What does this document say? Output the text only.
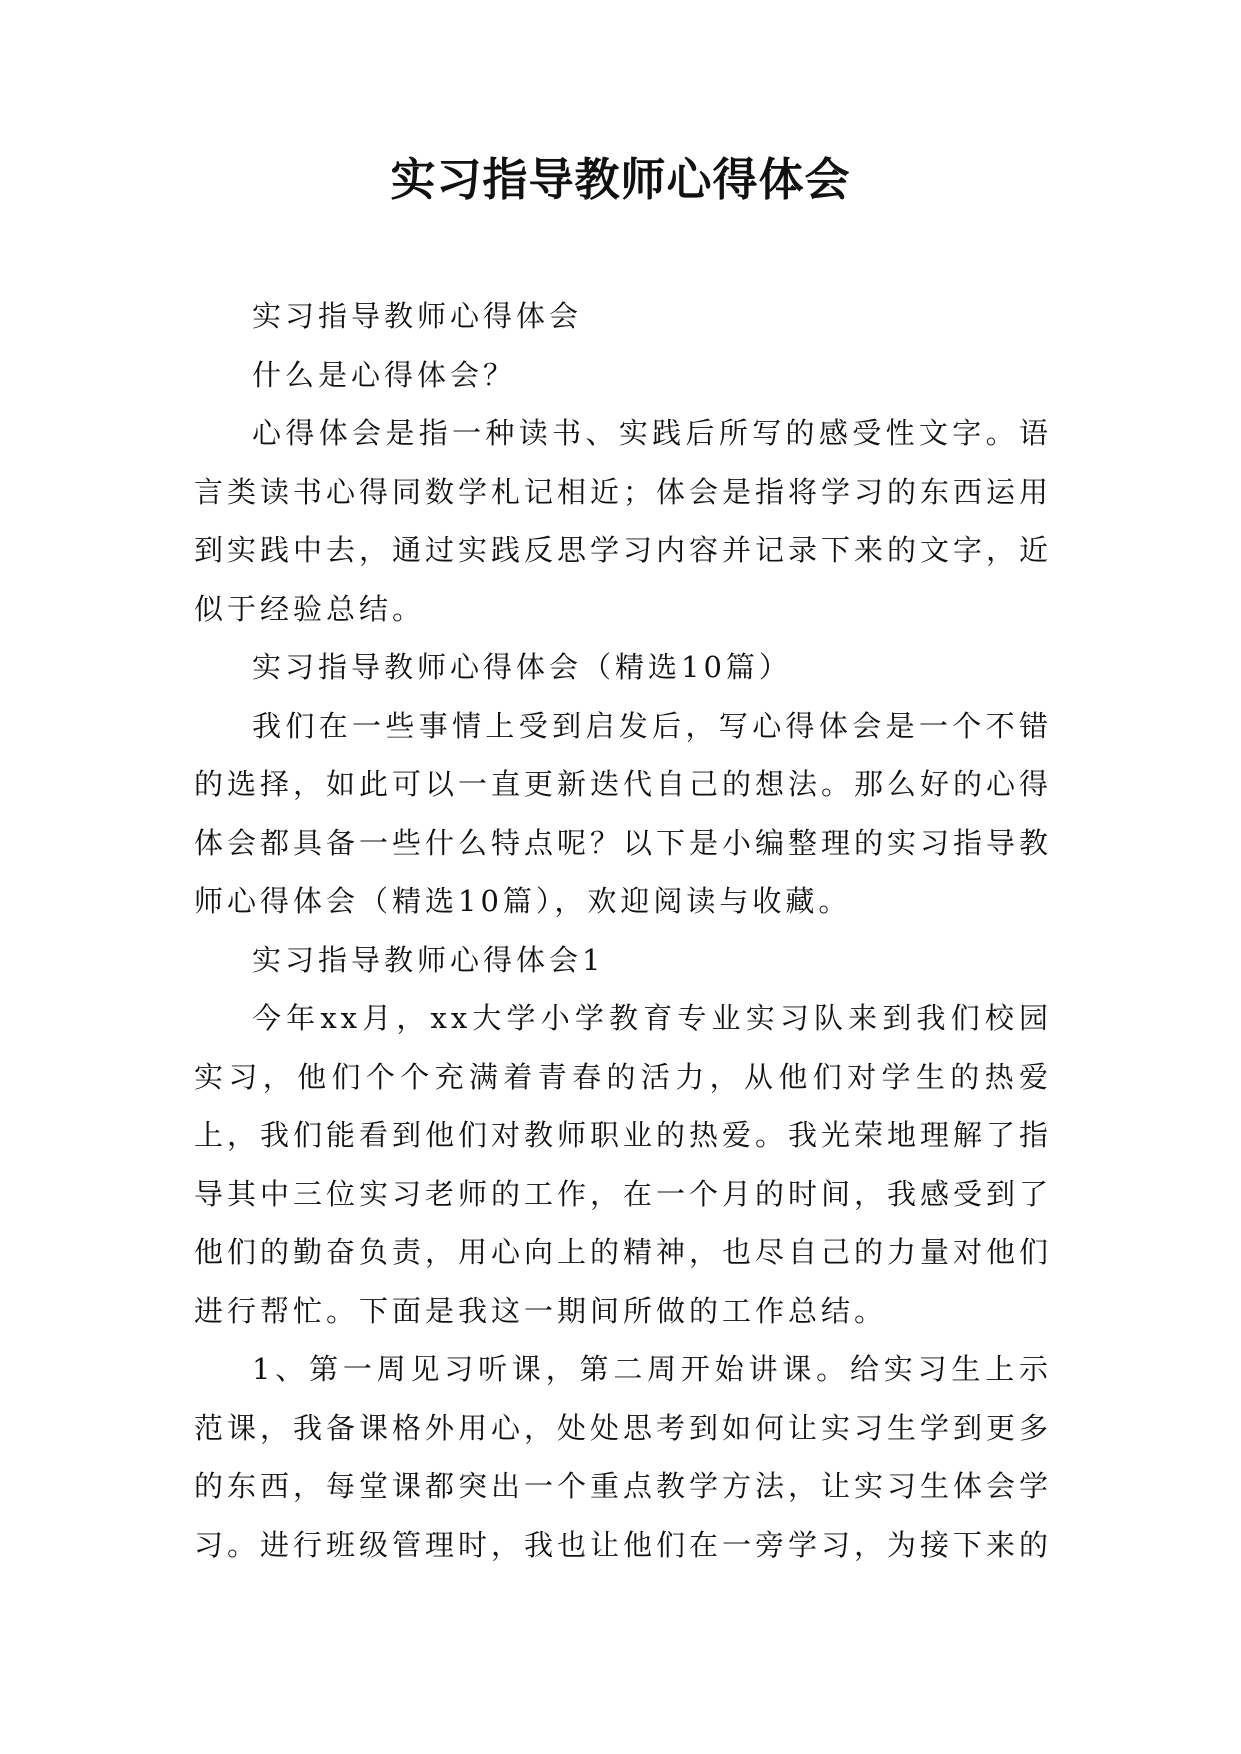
实习指导教师心得体会

实习指导教师心得体会

什么是心得体会？

心得体会是指一种读书、实践后所写的感受性文字。语言类读书心得同数学札记相近；体会是指将学习的东西运用到实践中去，通过实践反思学习内容并记录下来的文字，近似于经验总结。

实习指导教师心得体会（精选10篇）

我们在一些事情上受到启发后，写心得体会是一个不错的选择，如此可以一直更新迭代自己的想法。那么好的心得体会都具备一些什么特点呢？以下是小编整理的实习指导教师心得体会（精选10篇），欢迎阅读与收藏。

实习指导教师心得体会1

今年xx月，xx大学小学教育专业实习队来到我们校园实习，他们个个充满着青春的活力，从他们对学生的热爱上，我们能看到他们对教师职业的热爱。我光荣地理解了指导其中三位实习老师的工作，在一个月的时间，我感受到了他们的勤奋负责，用心向上的精神，也尽自己的力量对他们进行帮忙。下面是我这一期间所做的工作总结。

1、第一周见习听课，第二周开始讲课。给实习生上示范课，我备课格外用心，处处思考到如何让实习生学到更多的东西，每堂课都突出一个重点教学方法，让实习生体会学习。进行班级管理时，我也让他们在一旁学习，为接下来的
